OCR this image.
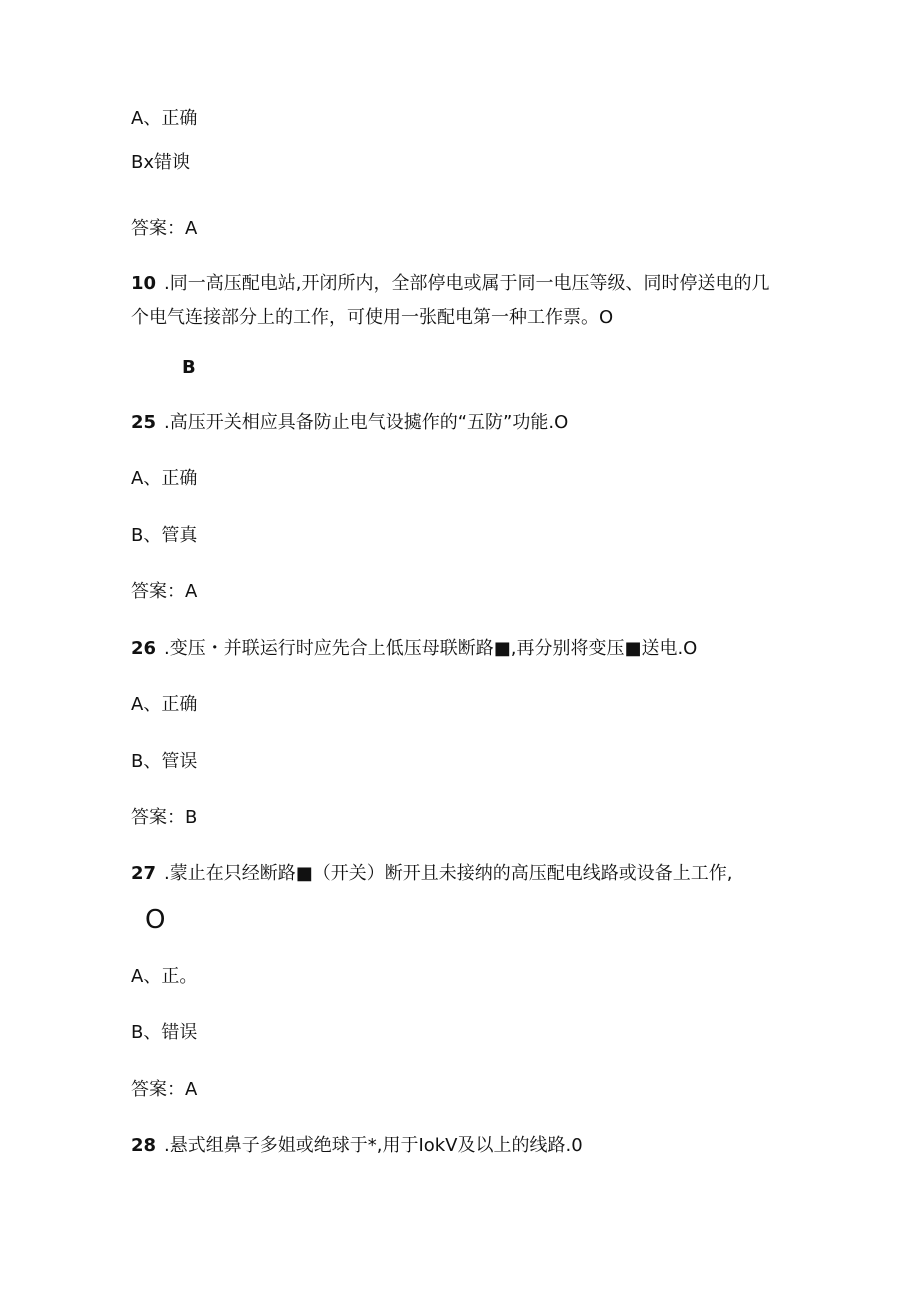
A、正确
Bx错谀
答案：A
10 .同一高压配电站,开闭所内，全部停电或属于同一电压等级、同时停送电的几
个电气连接部分上的工作，可使用一张配电第一种工作票。O
B
25 .高压开关相应具备防止电气设㨿作的“五防”功能.O
A、正确
B、管真
答案：A
26 .变压・并联运行时应先合上低压母联断路■,再分别将变压■送电.O
A、正确
B、管误
答案：B
27 .蒙止在只经断路■（开关）断开且未接纳的高压配电线路或设备上工作,
O
A、正。
B、错误
答案：A
28 .悬式组鼻子多姐或绝球于*,用于IokV及以上的线路.0
